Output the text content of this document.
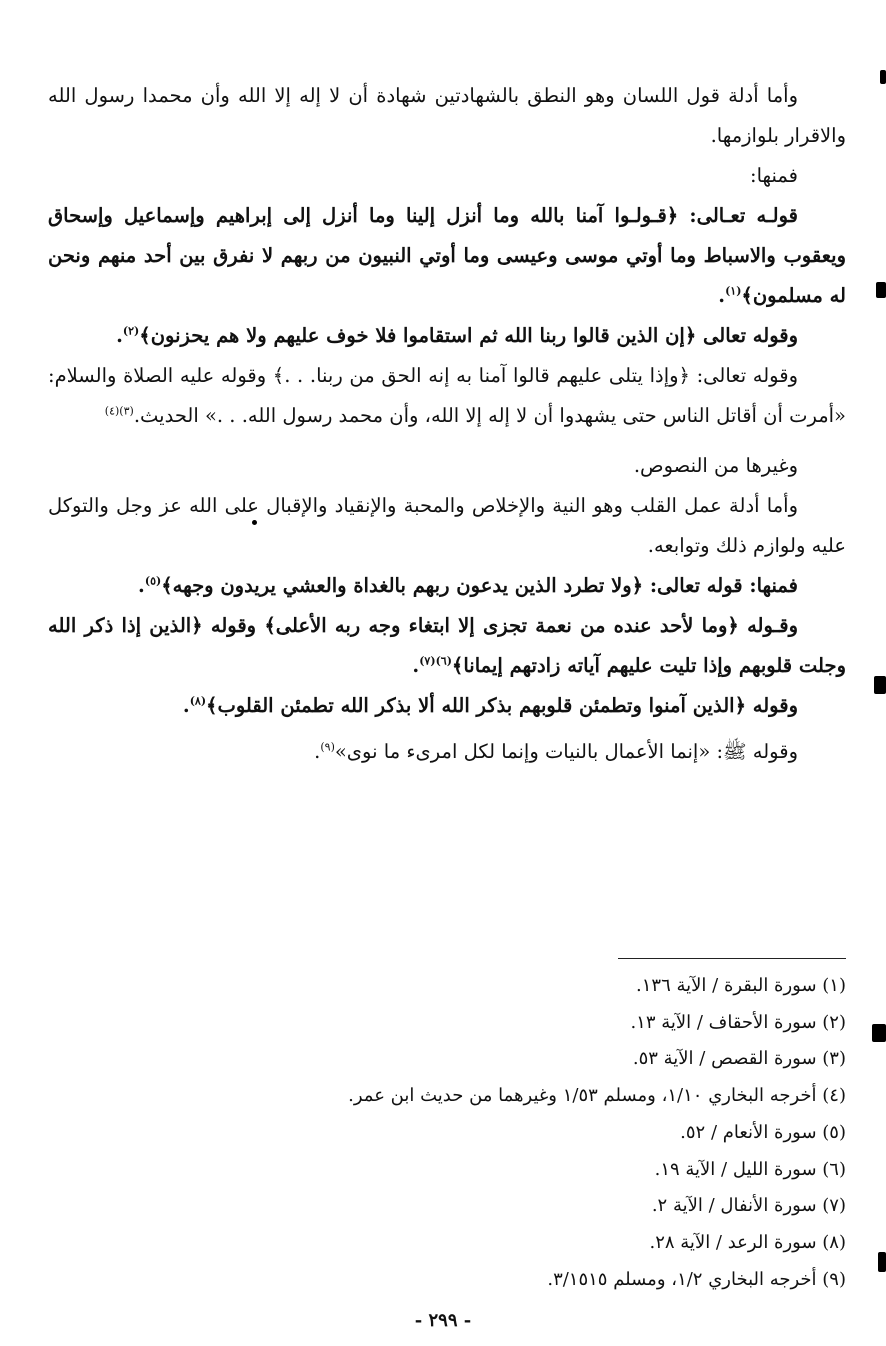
وأما أدلة قول اللسان وهو النطق بالشهادتين شهادة أن لا إله إلا الله وأن محمدا رسول الله والاقرار بلوازمها.

فمنها:

قولـه تعـالى: ﴿قـولـوا آمنا بالله وما أنزل إلينا وما أنزل إلى إبراهيم وإسماعيل وإسحاق ويعقوب والاسباط وما أوتي موسى وعيسى وما أوتي النبيون من ربهم لا نفرق بين أحد منهم ونحن له مسلمون﴾$^{(١)}$.

وقوله تعالى ﴿إن الذين قالوا ربنا الله ثم استقاموا فلا خوف عليهم ولا هم يحزنون﴾$^{(٢)}$.

وقوله تعالى: ﴿وإذا يتلى عليهم قالوا آمنا به إنه الحق من ربنا. . .﴾ وقوله عليه الصلاة والسلام: «أمرت أن أقاتل الناس حتى يشهدوا أن لا إله إلا الله، وأن محمد رسول الله. . .» الحديث.$^{(٣)(٤)}$

وغيرها من النصوص.

وأما أدلة عمل القلب وهو النية والإخلاص والمحبة والإنقياد والإقبال على الله عز وجل والتوكل عليه ولوازم ذلك وتوابعه.

فمنها: قوله تعالى: ﴿ولا تطرد الذين يدعون ربهم بالغداة والعشي يريدون وجهه﴾$^{(٥)}$.

وقـوله ﴿وما لأحد عنده من نعمة تجزى إلا ابتغاء وجه ربه الأعلى﴾ وقوله ﴿الذين إذا ذكر الله وجلت قلوبهم وإذا تليت عليهم آياته زادتهم إيمانا﴾$^{(٦)(٧)}$.

وقوله ﴿الذين آمنوا وتطمئن قلوبهم بذكر الله ألا بذكر الله تطمئن القلوب﴾$^{(٨)}$.

وقوله ﷺ: «إنما الأعمال بالنيات وإنما لكل امرىء ما نوى»$^{(٩)}$.

(١) سورة البقرة / الآية ١٣٦.

(٢) سورة الأحقاف / الآية ١٣.

(٣) سورة القصص / الآية ٥٣.

(٤) أخرجه البخاري ١/١٠، ومسلم ١/٥٣ وغيرهما من حديث ابن عمر.

(٥) سورة الأنعام / ٥٢.

(٦) سورة الليل / الآية ١٩.

(٧) سورة الأنفال / الآية ٢.

(٨) سورة الرعد / الآية ٢٨.

(٩) أخرجه البخاري ١/٢، ومسلم ٣/١٥١٥.

- ٢٩٩ -
